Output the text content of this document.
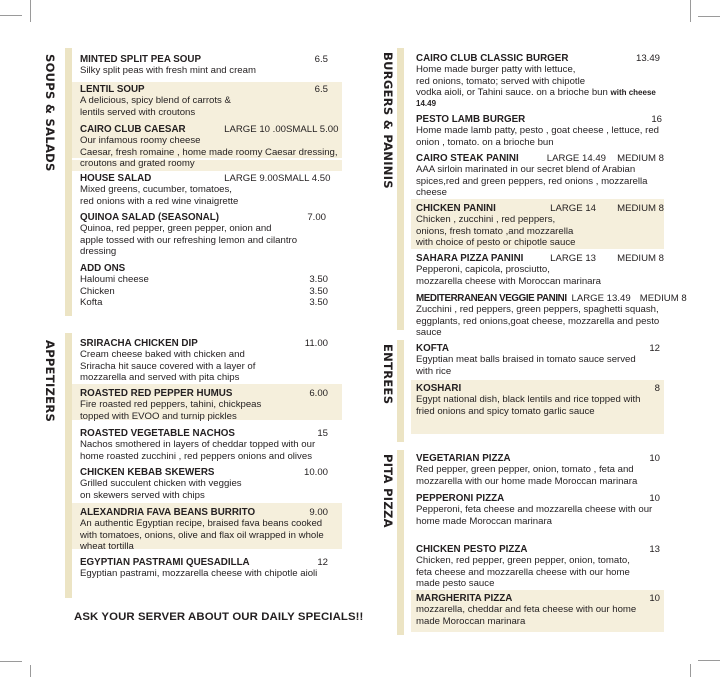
SOUPS & SALADS MINTED SPLIT PEA SOUP	6.5
Silky split peas with fresh mint and cream
LENTIL SOUP	6.5
A delicious, spicy blend of carrots &
lentils served with croutons
CAIRO CLUB CAESAR	LARGE 10 .00 SMALL 5.00
Our infamous roomy cheese
Caesar, fresh romaine , home made roomy Caesar dressing,
croutons and grated roomy
HOUSE SALAD	LARGE 9.00 SMALL 4.50
Mixed greens, cucumber, tomatoes,
red onions with a red wine vinaigrette
QUINOA SALAD (SEASONAL)	7.00
Quinoa, red pepper, green pepper, onion and
apple tossed with our refreshing lemon and cilantro
dressing
ADD ONS
Haloumi cheese	3.50
Chicken	3.50
Kofta	3.50
APPETIZERS SRIRACHA CHICKEN DIP	11.00
Cream cheese baked with chicken and
Sriracha hit sauce covered with a layer of
mozzarella and served with pita chips
ROASTED RED PEPPER HUMUS	6.00
Fire roasted red peppers, tahini, chickpeas
topped with EVOO and turnip pickles
ROASTED VEGETABLE NACHOS	15
Nachos smothered in layers of cheddar topped with our
home roasted zucchini , red peppers onions and olives
CHICKEN KEBAB SKEWERS	10.00
Grilled succulent chicken with veggies
on skewers served with chips
ALEXANDRIA FAVA BEANS BURRITO	9.00
An authentic Egyptian recipe, braised fava beans cooked
with tomatoes, onions, olive and flax oil wrapped in whole
wheat tortilla
EGYPTIAN PASTRAMI QUESADILLA	12
Egyptian pastrami, mozzarella cheese with chipotle aioli
ASK YOUR SERVER ABOUT OUR DAILY SPECIALS!!
BURGERS & PANINIS CAIRO CLUB CLASSIC BURGER	13.49
Home made burger patty with lettuce,
red onions, tomato; served with chipotle
vodka aioli, or Tahini sauce. on a brioche bun with cheese
14.49
PESTO LAMB BURGER	16
Home made lamb patty, pesto , goat cheese , lettuce, red
onion , tomato. on a brioche bun
CAIRO STEAK PANINI	LARGE 14.49	MEDIUM 8
AAA sirloin marinated in our secret blend of Arabian
spices,red and green peppers, red onions , mozzarella
cheese
CHICKEN PANINI	LARGE 14	MEDIUM 8
Chicken , zucchini , red peppers,
onions, fresh tomato ,and mozzarella
with choice of pesto or chipotle sauce
SAHARA PIZZA PANINI	LARGE 13	MEDIUM 8
Pepperoni, capicola, prosciutto,
mozzarella cheese with Moroccan marinara
MEDITERRANEAN VEGGIE PANINI LARGE 13.49 MEDIUM 8
Zucchini , red peppers, green peppers, spaghetti squash,
eggplants, red onions,goat cheese, mozzarella and pesto
sauce
ENTREES KOFTA	12
Egyptian meat balls braised in tomato sauce served
with rice
KOSHARI	8
Egypt national dish, black lentils and rice topped with
fried onions and spicy tomato garlic sauce
PITA PIZZA VEGETARIAN PIZZA	10
Red pepper, green pepper, onion, tomato , feta and
mozzarella with our home made Moroccan marinara
PEPPERONI PIZZA	10
Pepperoni, feta cheese and mozzarella cheese with our
home made Moroccan marinara
CHICKEN PESTO PIZZA	13
Chicken, red pepper, green pepper, onion, tomato,
feta cheese and mozzarella cheese with our home
made pesto sauce
MARGHERITA PIZZA	10
mozzarella, cheddar and feta cheese with our home
made Moroccan marinara
